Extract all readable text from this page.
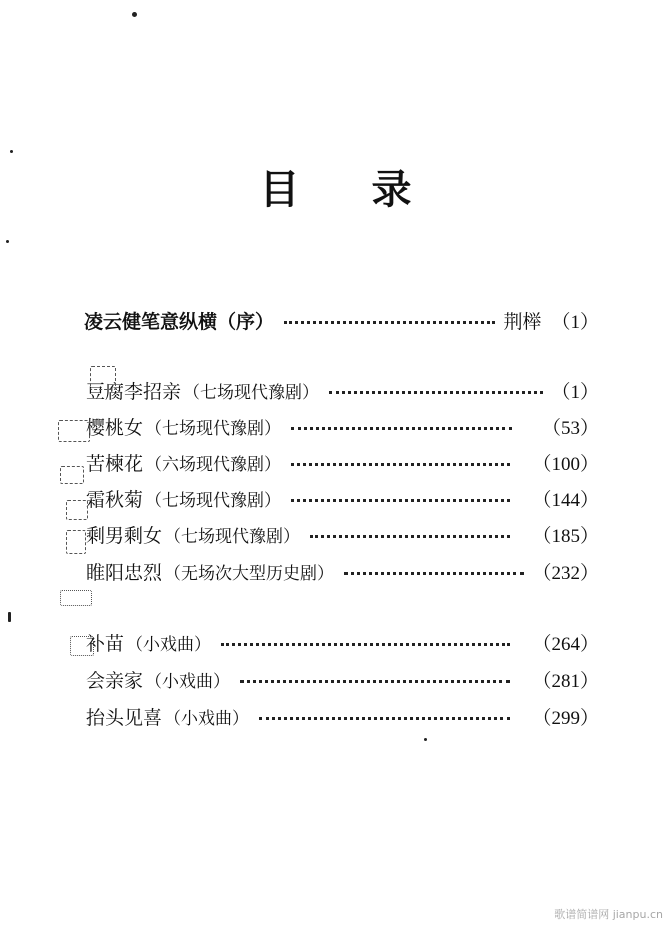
目 录
凌云健笔意纵横（序）	荆榉 （1）
豆腐李招亲 （七场现代豫剧）	（1）
樱桃女 （七场现代豫剧）	（53）
苦楝花 （六场现代豫剧）	（100）
霜秋菊 （七场现代豫剧）	（144）
剩男剩女 （七场现代豫剧）	（185）
睢阳忠烈 （无场次大型历史剧）	（232）
补苗 （小戏曲）	（264）
会亲家 （小戏曲）	（281）
抬头见喜 （小戏曲）	（299）
歌谱简谱网 jianpu.cn
